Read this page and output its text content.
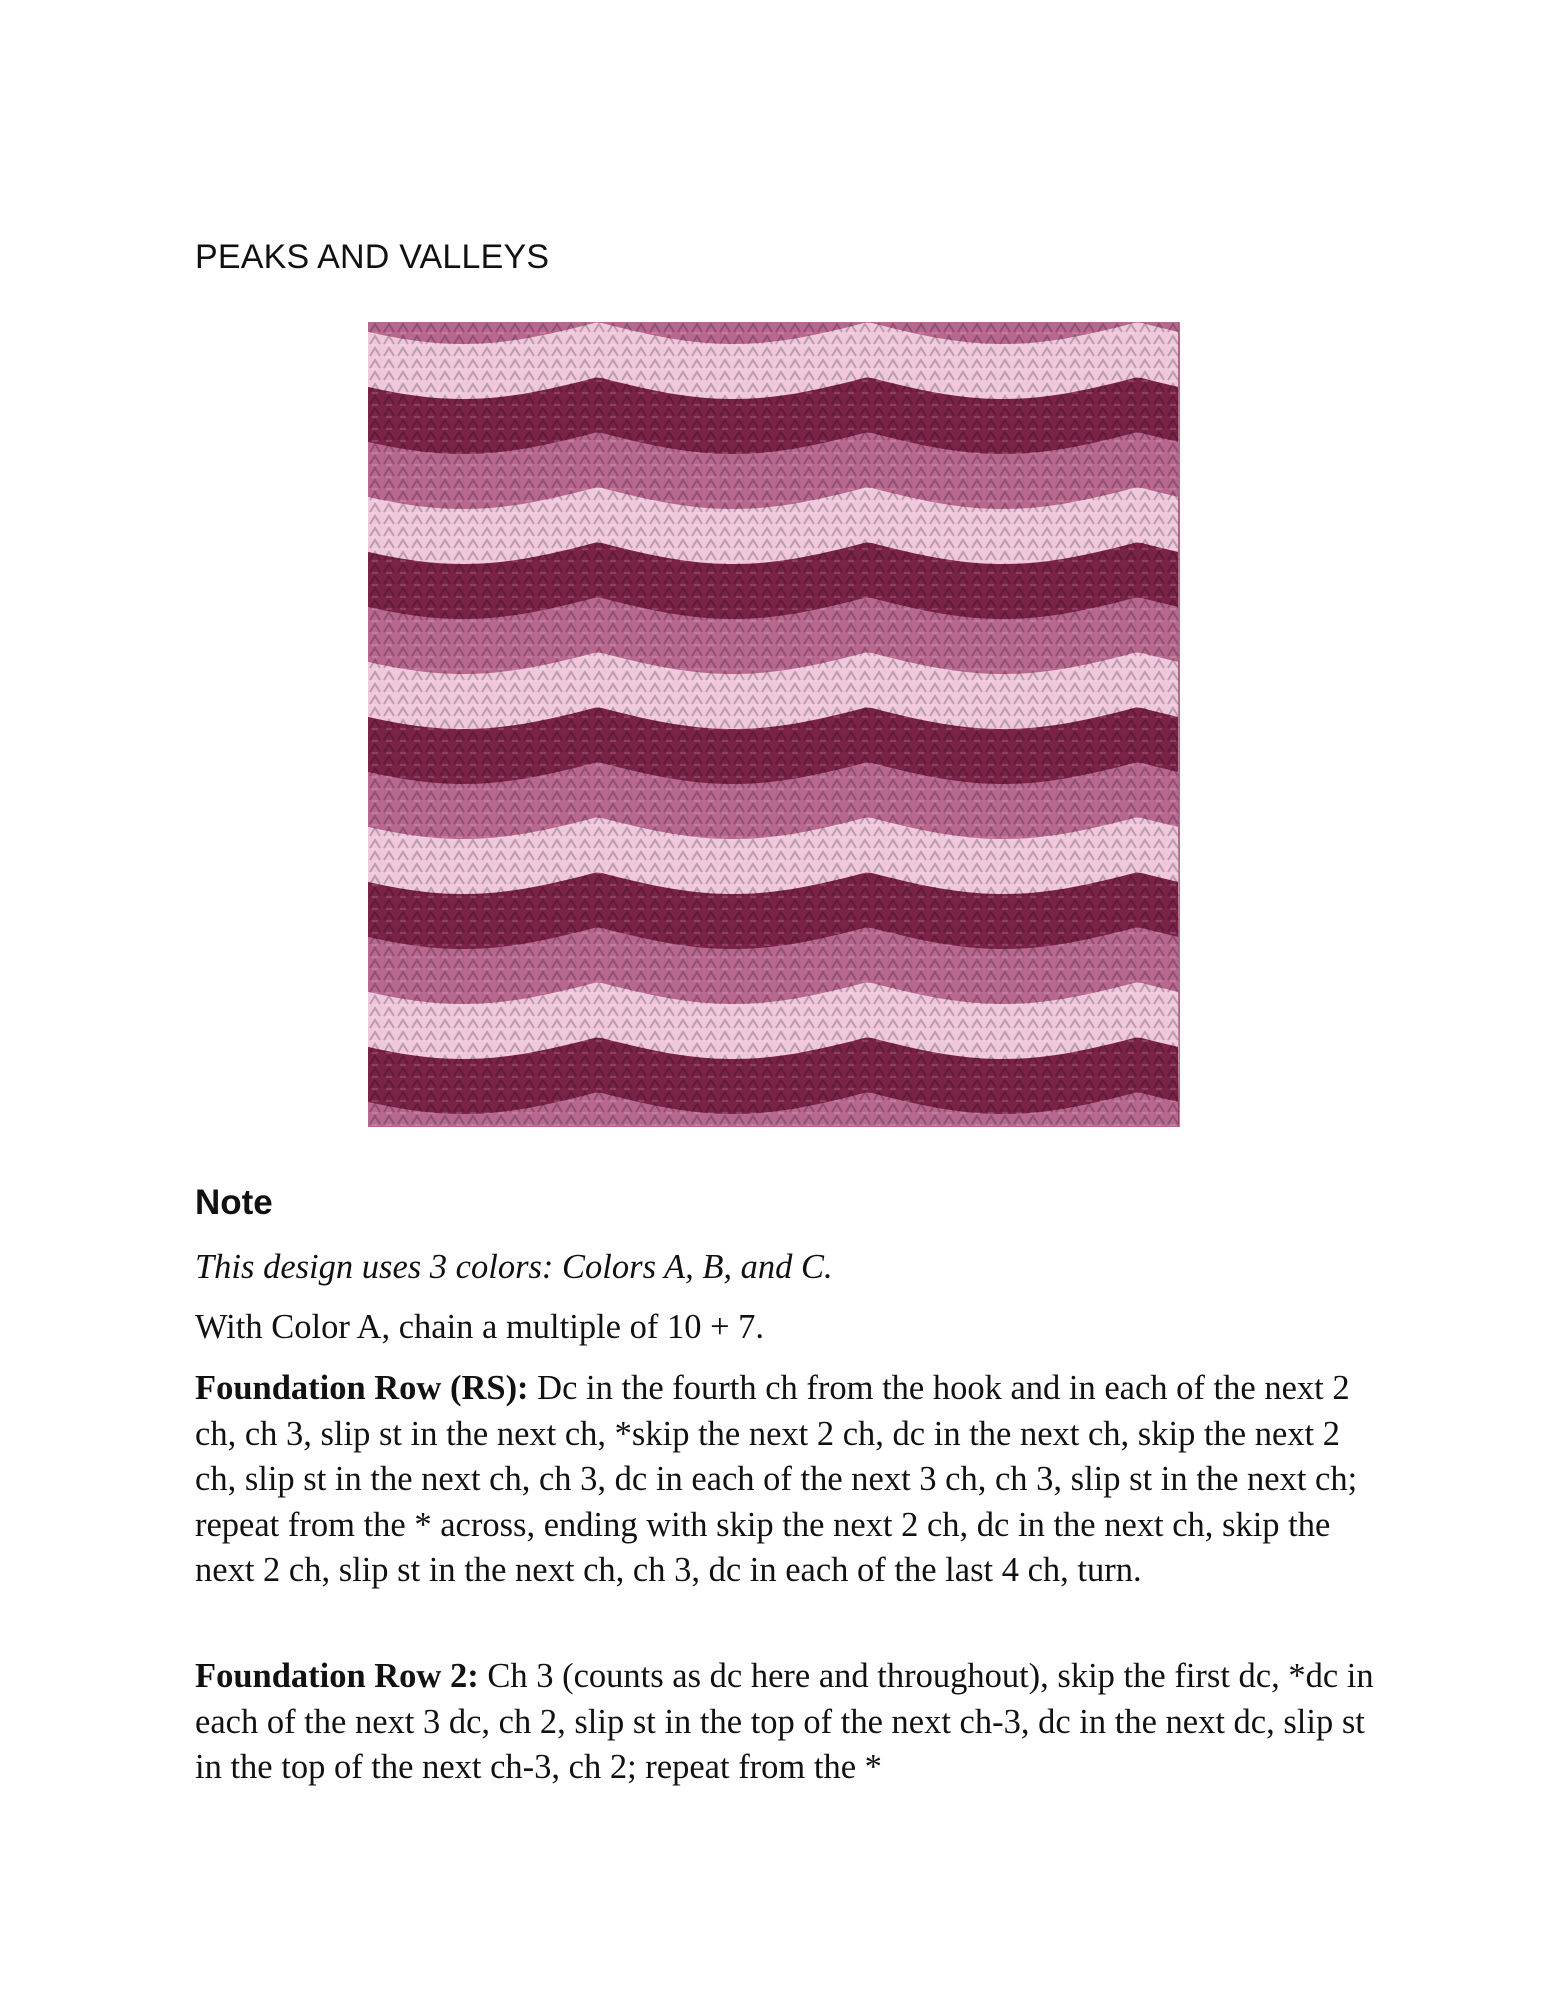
PEAKS AND VALLEYS
Note
This design uses 3 colors: Colors A, B, and C.
With Color A, chain a multiple of 10 + 7.
Foundation Row (RS): Dc in the fourth ch from the hook and in each of the next 2 ch, ch 3, slip st in the next ch, *skip the next 2 ch, dc in the next ch, skip the next 2 ch, slip st in the next ch, ch 3, dc in each of the next 3 ch, ch 3, slip st in the next ch; repeat from the * across, ending with skip the next 2 ch, dc in the next ch, skip the next 2 ch, slip st in the next ch, ch 3, dc in each of the last 4 ch, turn.
Foundation Row 2: Ch 3 (counts as dc here and throughout), skip the first dc, *dc in each of the next 3 dc, ch 2, slip st in the top of the next ch-3, dc in the next dc, slip st in the top of the next ch-3, ch 2; repeat from the *
